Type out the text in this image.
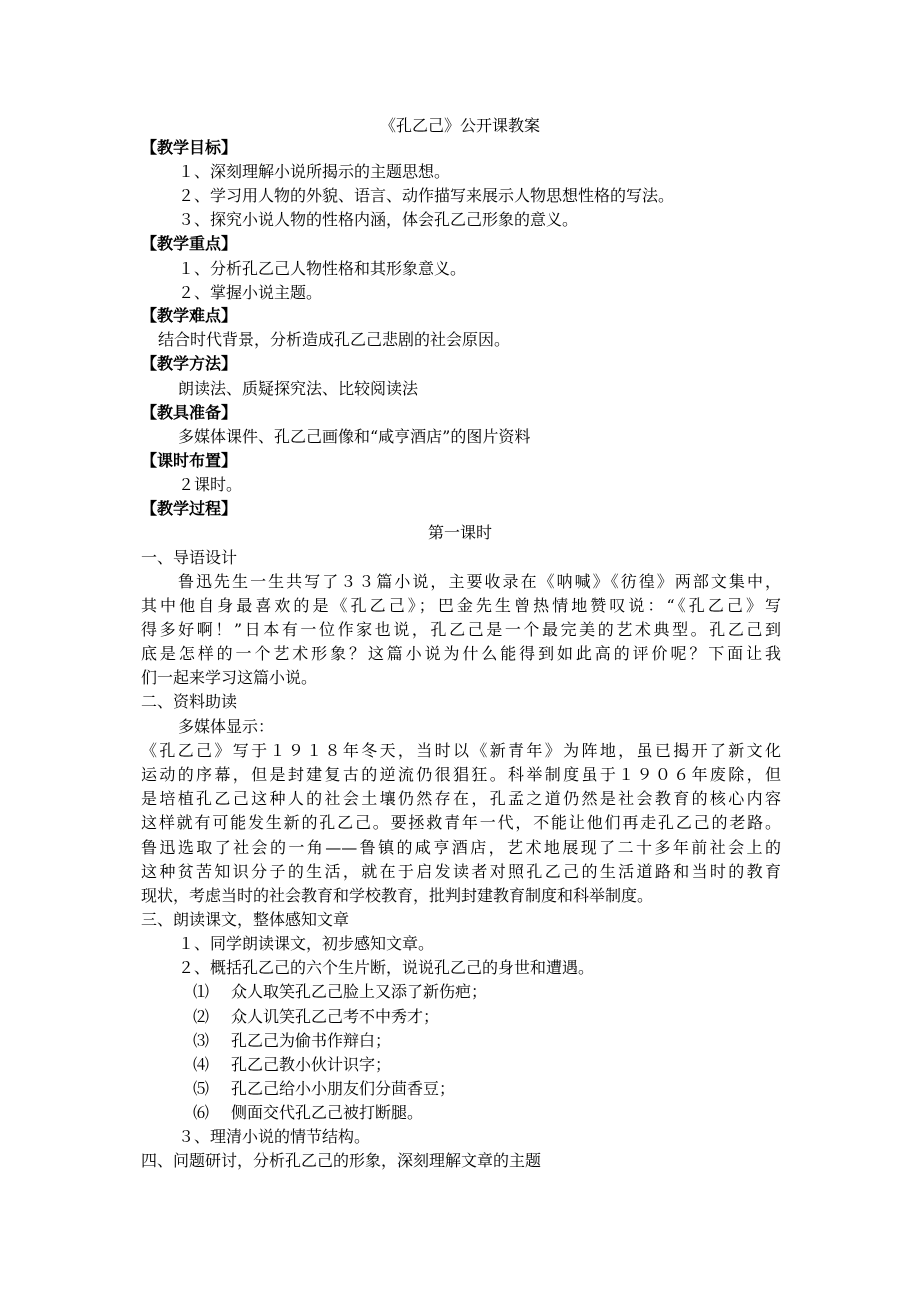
《孔乙己》公开课教案
【教学目标】
１、深刻理解小说所揭示的主题思想。
２、学习用人物的外貌、语言、动作描写来展示人物思想性格的写法。
３、探究小说人物的性格内涵，体会孔乙己形象的意义。
【教学重点】
１、分析孔乙己人物性格和其形象意义。
２、掌握小说主题。
【教学难点】
结合时代背景，分析造成孔乙己悲剧的社会原因。
【教学方法】
朗读法、质疑探究法、比较阅读法
【教具准备】
多媒体课件、孔乙己画像和“咸亨酒店”的图片资料
【课时布置】
２课时。
【教学过程】
第一课时
一、导语设计
鲁迅先生一生共写了３３篇小说，主要收录在《呐喊》《彷徨》两部文集中，
其中他自身最喜欢的是《孔乙己》；巴金先生曾热情地赞叹说：“《孔乙己》写
得多好啊！”日本有一位作家也说，孔乙己是一个最完美的艺术典型。孔乙己到
底是怎样的一个艺术形象？这篇小说为什么能得到如此高的评价呢？下面让我
们一起来学习这篇小说。
二、资料助读
多媒体显示：
《孔乙己》写于１９１８年冬天，当时以《新青年》为阵地，虽已揭开了新文化
运动的序幕，但是封建复古的逆流仍很猖狂。科举制度虽于１９０６年废除，但
是培植孔乙己这种人的社会土壤仍然存在，孔孟之道仍然是社会教育的核心内容
这样就有可能发生新的孔乙己。要拯救青年一代，不能让他们再走孔乙己的老路。
鲁迅选取了社会的一角——鲁镇的咸亨酒店，艺术地展现了二十多年前社会上的
这种贫苦知识分子的生活，就在于启发读者对照孔乙己的生活道路和当时的教育
现状，考虑当时的社会教育和学校教育，批判封建教育制度和科举制度。
三、朗读课文，整体感知文章
１、同学朗读课文，初步感知文章。
２、概括孔乙己的六个生片断，说说孔乙己的身世和遭遇。
⑴ 众人取笑孔乙己脸上又添了新伤疤；
⑵ 众人讥笑孔乙己考不中秀才；
⑶ 孔乙己为偷书作辩白；
⑷ 孔乙己教小伙计识字；
⑸ 孔乙己给小小朋友们分茴香豆；
⑹ 侧面交代孔乙己被打断腿。
３、理清小说的情节结构。
四、问题研讨，分析孔乙己的形象，深刻理解文章的主题
